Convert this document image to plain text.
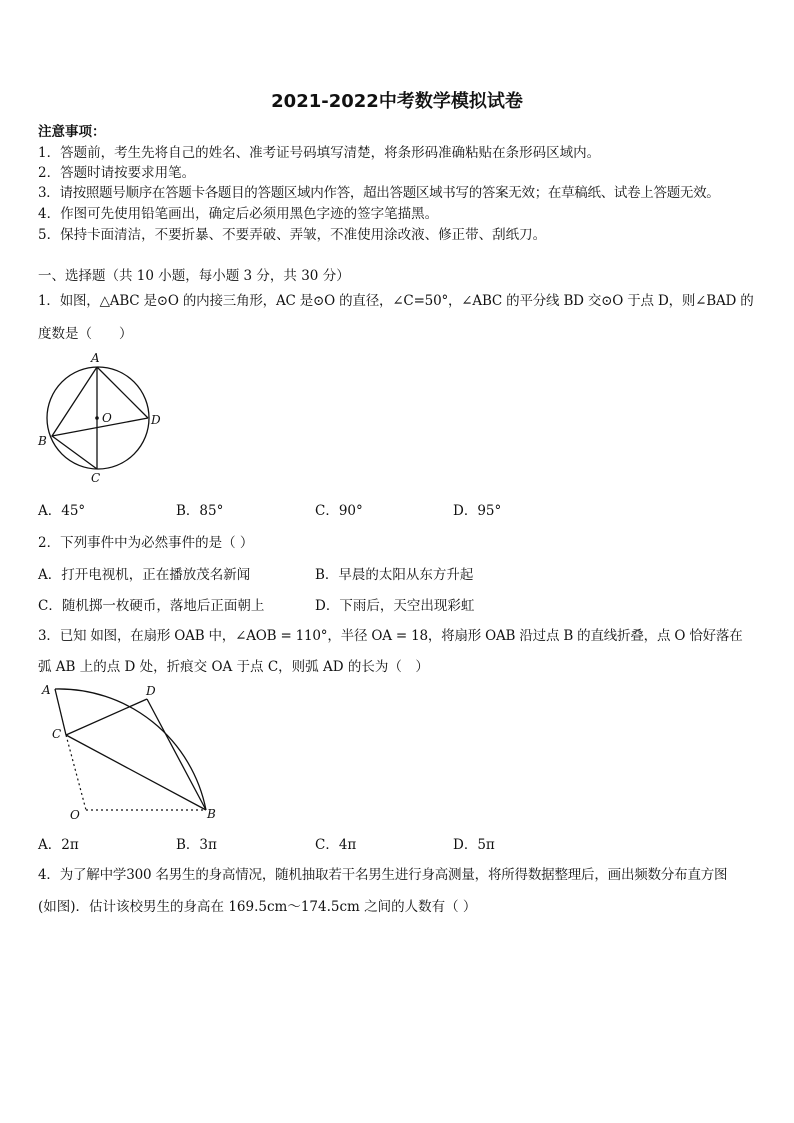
2021-2022中考数学模拟试卷
注意事项：
1．答题前，考生先将自己的姓名、准考证号码填写清楚，将条形码准确粘贴在条形码区域内。
2．答题时请按要求用笔。
3．请按照题号顺序在答题卡各题目的答题区域内作答，超出答题区域书写的答案无效；在草稿纸、试卷上答题无效。
4．作图可先使用铅笔画出，确定后必须用黑色字迹的签字笔描黑。
5．保持卡面清洁，不要折暴、不要弄破、弄皱，不准使用涂改液、修正带、刮纸刀。
一、选择题（共 10 小题，每小题 3 分，共 30 分）
1．如图，△ABC 是⊙O 的内接三角形，AC 是⊙O 的直径，∠C=50°，∠ABC 的平分线 BD 交⊙O 于点 D，则∠BAD 的
度数是（　　）
A
O	D
B
C
A．45°	B．85°	C．90°	D．95°
2．下列事件中为必然事件的是（ ）
A．打开电视机，正在播放茂名新闻	B．早晨的太阳从东方升起
C．随机掷一枚硬币，落地后正面朝上	D．下雨后，天空出现彩虹
3．已知 如图，在扇形 OAB 中，∠AOB = 110°，半径 OA = 18，将扇形 OAB 沿过点 B 的直线折叠，点 O 恰好落在
弧 AB 上的点 D 处，折痕交 OA 于点 C，则弧 AD 的长为（　）
A	D
C
O	B
A．2π	B．3π	C．4π	D．5π
4．为了解中学300 名男生的身高情况，随机抽取若干名男生进行身高测量，将所得数据整理后，画出频数分布直方图
(如图)．估计该校男生的身高在 169.5cm～174.5cm 之间的人数有（ ）
